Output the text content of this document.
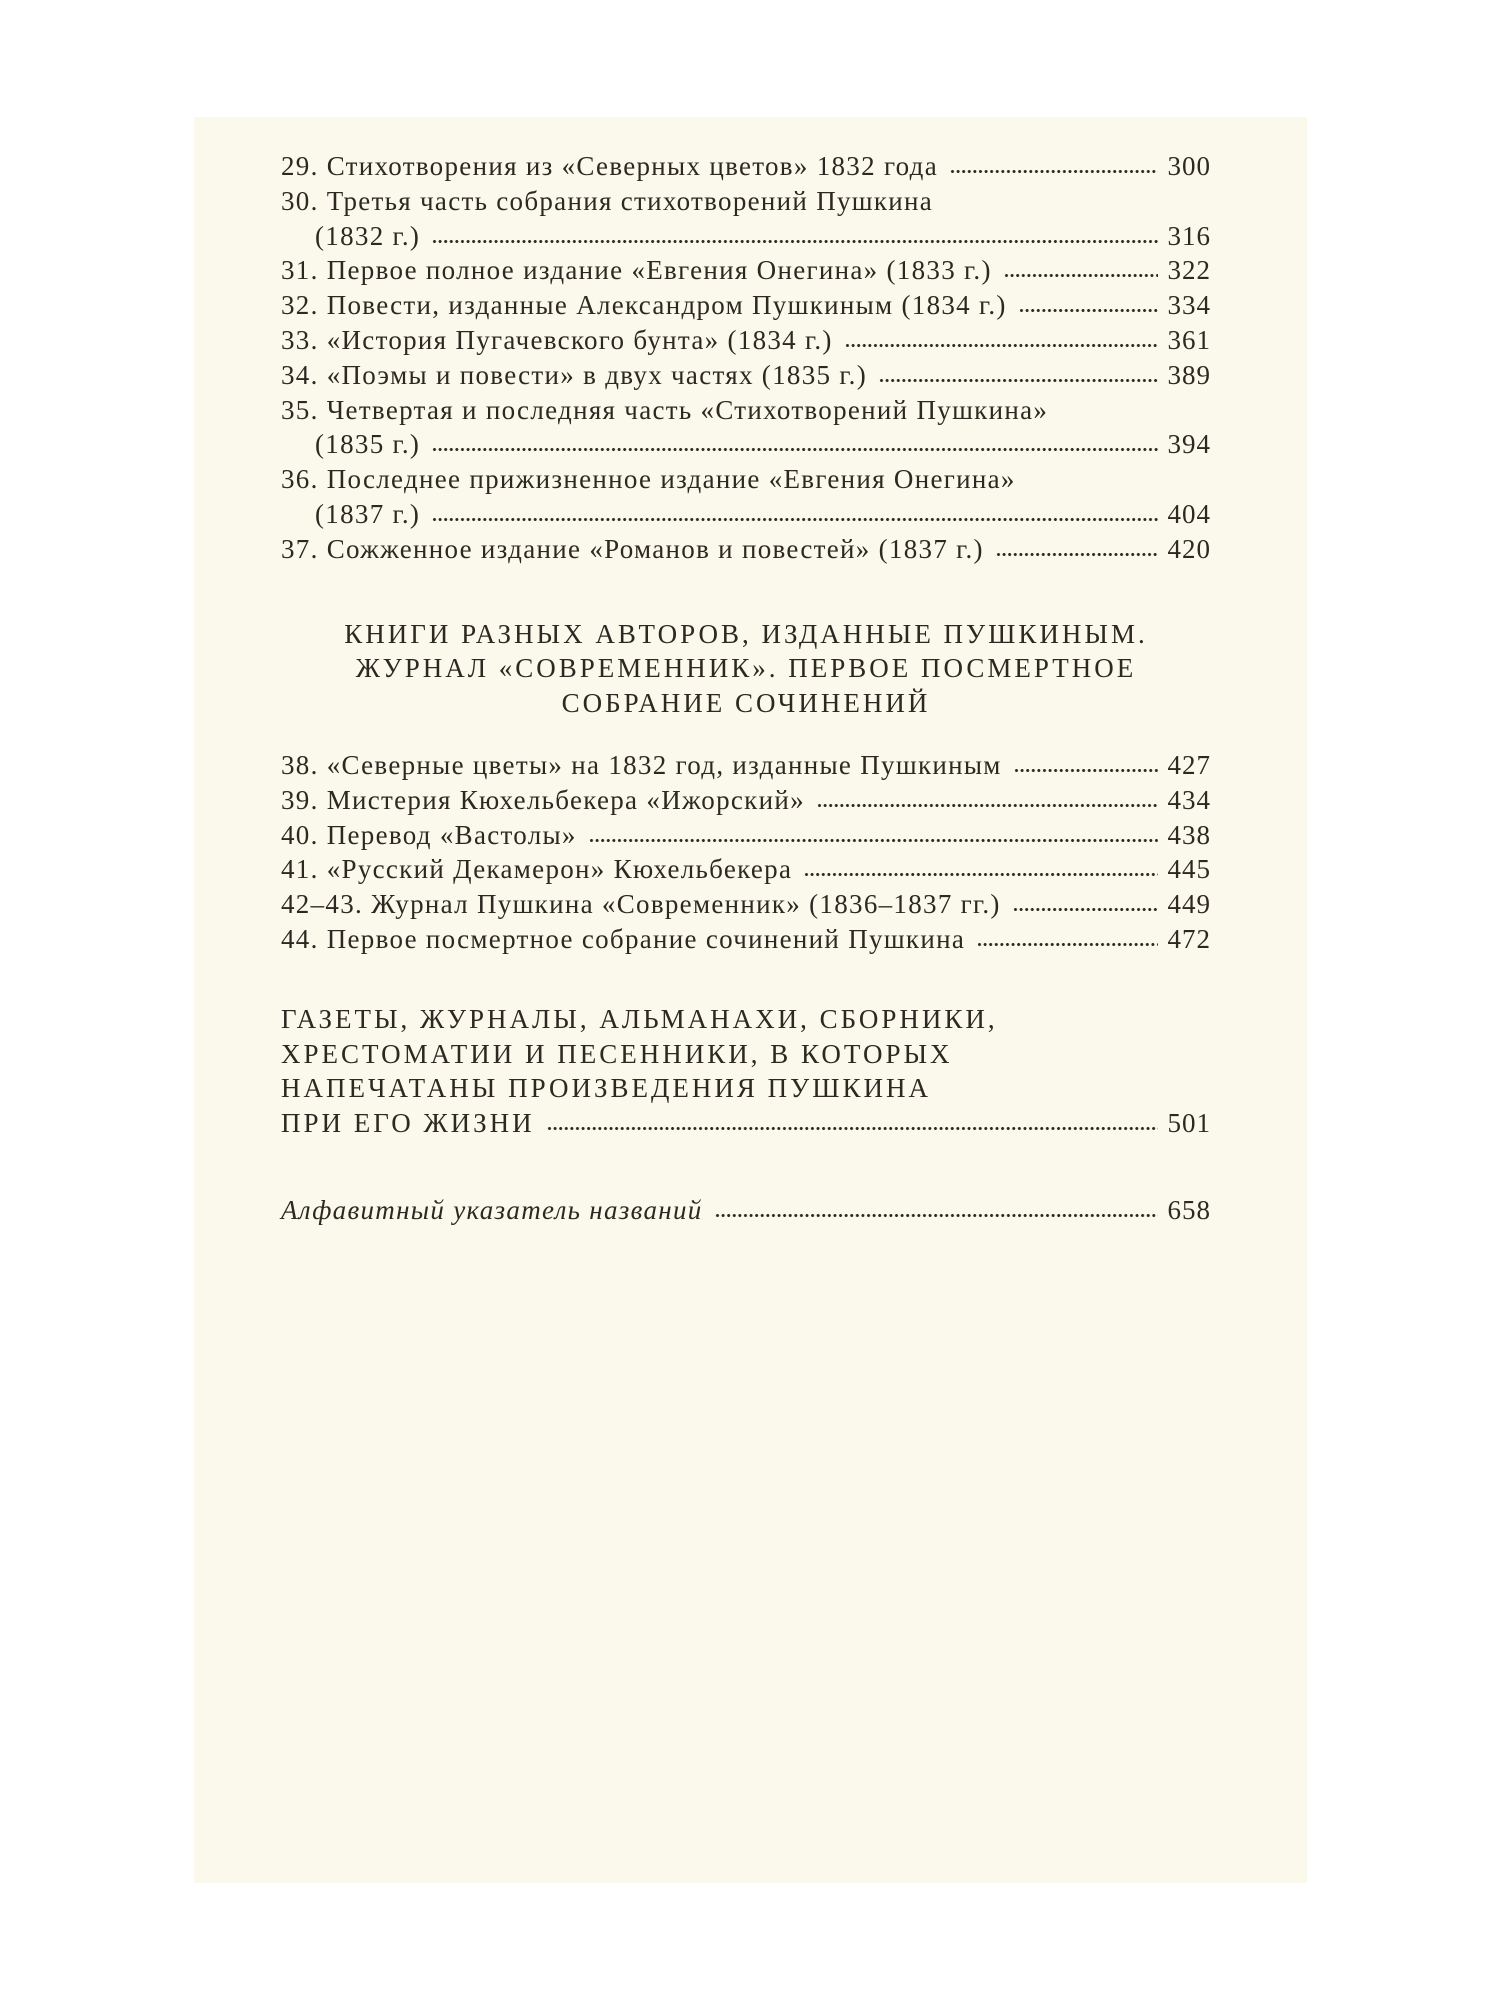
29. Стихотворения из «Северных цветов» 1832 года	300
30. Третья часть собрания стихотворений Пушкина
(1832 г.)	316
31. Первое полное издание «Евгения Онегина» (1833 г.)	322
32. Повести, изданные Александром Пушкиным (1834 г.)	334
33. «История Пугачевского бунта» (1834 г.)	361
34. «Поэмы и повести» в двух частях (1835 г.)	389
35. Четвертая и последняя часть «Стихотворений Пушкина»
(1835 г.)	394
36. Последнее прижизненное издание «Евгения Онегина»
(1837 г.)	404
37. Сожженное издание «Романов и повестей» (1837 г.)	420
КНИГИ РАЗНЫХ АВТОРОВ, ИЗДАННЫЕ ПУШКИНЫМ.
ЖУРНАЛ «СОВРЕМЕННИК». ПЕРВОЕ ПОСМЕРТНОЕ
СОБРАНИЕ СОЧИНЕНИЙ
38. «Северные цветы» на 1832 год, изданные Пушкиным	427
39. Мистерия Кюхельбекера «Ижорский»	434
40. Перевод «Вастолы»	438
41. «Русский Декамерон» Кюхельбекера	445
42–43. Журнал Пушкина «Современник» (1836–1837 гг.)	449
44. Первое посмертное собрание сочинений Пушкина	472
ГАЗЕТЫ, ЖУРНАЛЫ, АЛЬМАНАХИ, СБОРНИКИ,
ХРЕСТОМАТИИ И ПЕСЕННИКИ, В КОТОРЫХ
НАПЕЧАТАНЫ ПРОИЗВЕДЕНИЯ ПУШКИНА
ПРИ ЕГО ЖИЗНИ	501
Алфавитный указатель названий	658
